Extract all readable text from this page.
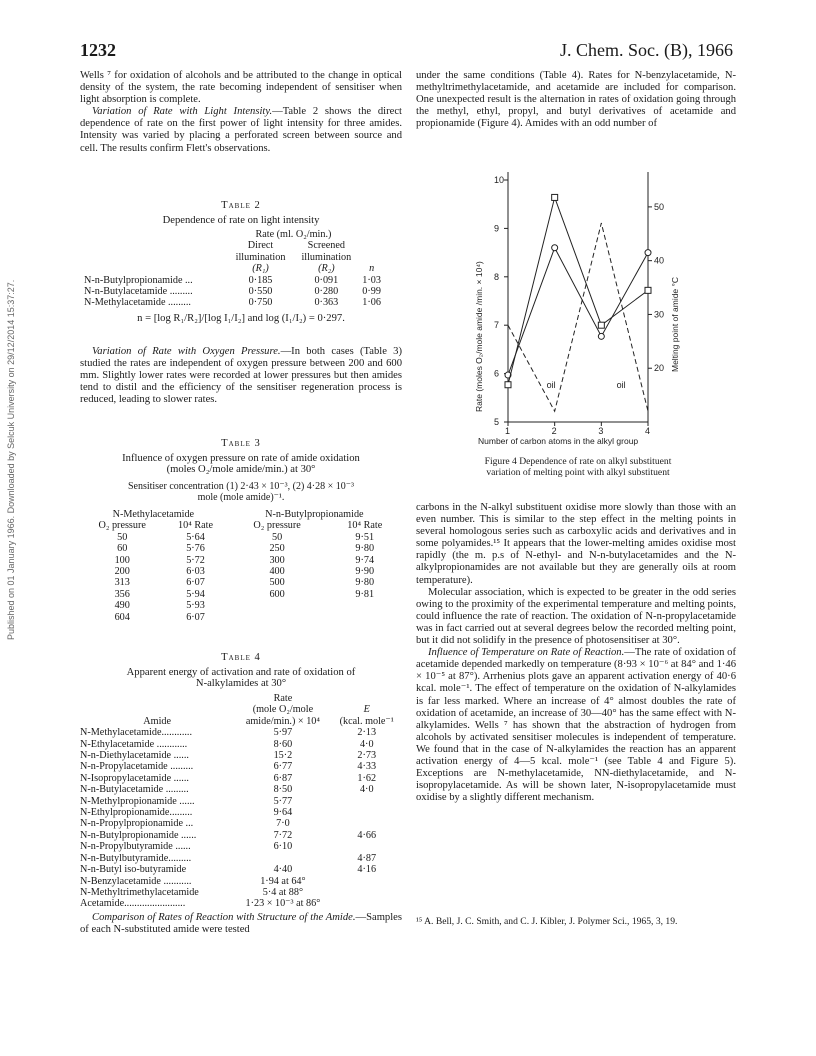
1232	J. Chem. Soc. (B), 1966
Published on 01 January 1966. Downloaded by Selcuk University on 29/12/2014 15:37:27.

Wells ⁷ for oxidation of alcohols and be attributed to the change in optical density of the system, the rate becoming independent of sensitiser when light absorption is complete.

Variation of Rate with Light Intensity.—Table 2 shows the direct dependence of rate on the first power of light intensity for three amides. Intensity was varied by placing a perforated screen between source and cell. The results confirm Flett's observations.

Table 2
Dependence of rate on light intensity
	Rate (ml. O₂/min.)		
	Direct	Screened	
	illumination	illumination	
	(R₁)	(R₂)	n
N-n-Butylpropionamide ...	0·185	0·091	1·03
N-n-Butylacetamide .........	0·550	0·280	0·99
N-Methylacetamide .........	0·750	0·363	1·06
n = [log R₁/R₂]/[log I₁/I₂] and log (I₁/I₂) = 0·297.

Variation of Rate with Oxygen Pressure.—In both cases (Table 3) studied the rates are independent of oxygen pressure between 200 and 600 mm. Slightly lower rates were recorded at lower pressures but then amides tend to distil and the efficiency of the sensitiser regeneration process is reduced, leading to slower rates.

Table 3
Influence of oxygen pressure on rate of amide oxidation
(moles O₂/mole amide/min.) at 30°
Sensitiser concentration (1) 2·43 × 10⁻³, (2) 4·28 × 10⁻³
mole (mole amide)⁻¹.
N-Methylacetamide		N-n-Butylpropionamide	
O₂ pressure	10⁴ Rate	O₂ pressure	10⁴ Rate
50	5·64	50	9·51
60	5·76	250	9·80
100	5·72	300	9·74
200	6·03	400	9·90
313	6·07	500	9·80
356	5·94	600	9·81
490	5·93		
604	6·07		
Table 4
Apparent energy of activation and rate of oxidation of
N-alkylamides at 30°
	Rate	
	(mole O₂/mole	E
Amide	amide/min.) × 10⁴	(kcal. mole⁻¹
N-Methylacetamide............	5·97	2·13
N-Ethylacetamide ............	8·60	4·0
N-n-Diethylacetamide ......	15·2	2·73
N-n-Propylacetamide .........	6·77	4·33
N-Isopropylacetamide ......	6·87	1·62
N-n-Butylacetamide .........	8·50	4·0
N-Methylpropionamide ......	5·77	
N-Ethylpropionamide.........	9·64	
N-n-Propylpropionamide ...	7·0	
N-n-Butylpropionamide ......	7·72	4·66
N-n-Propylbutyramide ......	6·10	
N-n-Butylbutyramide.........		4·87
N-n-Butyl iso-butyramide	4·40	4·16
N-Benzylacetamide ...........	1·94 at 64°	
N-Methyltrimethylacetamide	5·4 at 88°	
Acetamide........................	1·23 × 10⁻³ at 86°	

Comparison of Rates of Reaction with Structure of the Amide.—Samples of each N-substituted amide were tested

under the same conditions (Table 4). Rates for N-benzylacetamide, N-methyltrimethylacetamide, and acetamide are included for comparison. One unexpected result is the alternation in rates of oxidation going through the methyl, ethyl, propyl, and butyl derivatives of acetamide and propionamide (Figure 4). Amides with an odd number of

5
6
7
8
9
10
20
30
40
50
1	2	3	4
Rate (moles O₂/mole amide /min. × 10⁴)	Melting point of amide °C
Number of carbon atoms in the alkyl group
oil	oil
Figure 4 Dependence of rate on alkyl substituent
variation of melting point with alkyl substituent

carbons in the N-alkyl substituent oxidise more slowly than those with an even number. This is similar to the step effect in the melting points in several homologous series such as carboxylic acids and derivatives and in some polyamides.¹⁵ It appears that the lower-melting amides oxidise most rapidly (the m. p.s of N-ethyl- and N-n-butylacetamides and the N-alkylpropionamides are not available but they are generally oils at room temperature).

Molecular association, which is expected to be greater in the odd series owing to the proximity of the experimental temperature and melting points, could influence the rate of reaction. The oxidation of N-n-propylacetamide was in fact carried out at several degrees below the recorded melting point, but it did not solidify in the presence of photosensitiser at 30°.

Influence of Temperature on Rate of Reaction.—The rate of oxidation of acetamide depended markedly on temperature (8·93 × 10⁻⁶ at 84° and 1·46 × 10⁻⁵ at 87°). Arrhenius plots gave an apparent activation energy of 40·6 kcal. mole⁻¹. The effect of temperature on the oxidation of N-alkylamides is far less marked. Where an increase of 4° almost doubles the rate of oxidation of acetamide, an increase of 30—40° has the same effect with N-alkylamides. Wells ⁷ has shown that the abstraction of hydrogen from alcohols by activated sensitiser molecules is independent of temperature. We found that in the case of N-alkylamides the reaction has an apparent activation energy of 4—5 kcal. mole⁻¹ (see Table 4 and Figure 5). Exceptions are N-methylacetamide, NN-diethylacetamide, and N-isopropylacetamide. As will be shown later, N-isopropylacetamide must oxidise by a slightly different mechanism.

¹⁵ A. Bell, J. C. Smith, and C. J. Kibler, J. Polymer Sci., 1965, 3, 19.
